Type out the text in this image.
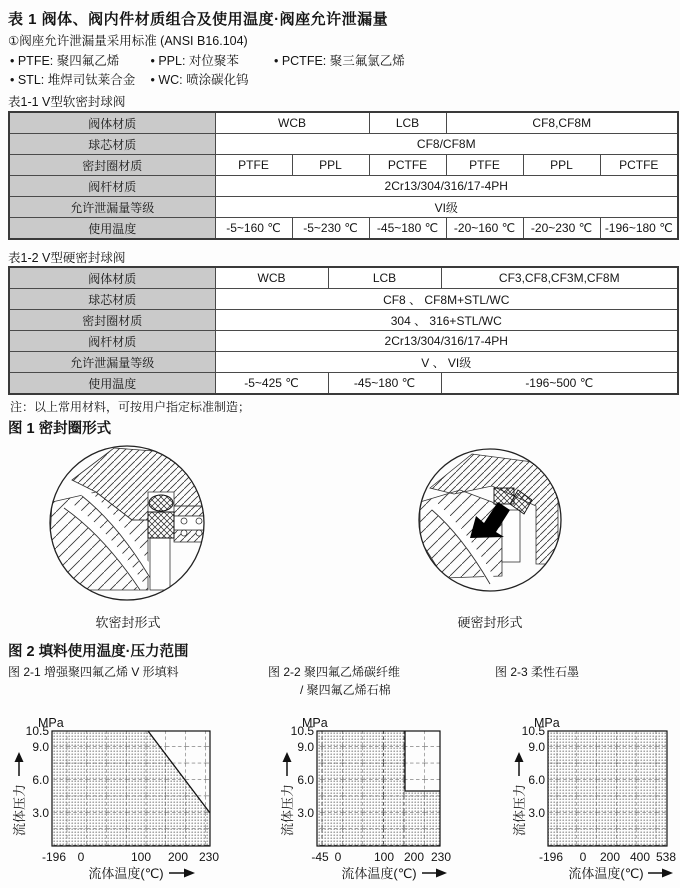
表 1 阀体、阀内件材质组合及使用温度·阀座允许泄漏量
①阀座允许泄漏量采用标准 (ANSI B16.104)
• PTFE: 聚四氟乙烯 • PPL: 对位聚苯	• PCTFE: 聚三氟氯乙烯
• STL: 堆焊司钛莱合金 • WC: 喷涂碳化钨
表1-1 V型软密封球阀
阀体材质	WCB		LCB	CF8,CF8M		
球芯材质	CF8/CF8M					
密封圈材质	PTFE	PPL	PCTFE	PTFE	PPL	PCTFE
阀杆材质	2Cr13/304/316/17-4PH					
允许泄漏量等级	VI级					
使用温度	-5~160 ℃	-5~230 ℃	-45~180 ℃	-20~160 ℃	-20~230 ℃	-196~180 ℃
表1-2 V型硬密封球阀
阀体材质	WCB	LCB	CF3,CF8,CF3M,CF8M
球芯材质	CF8 、 CF8M+STL/WC		
密封圈材质	304 、 316+STL/WC		
阀杆材质	2Cr13/304/316/17-4PH		
允许泄漏量等级	V 、 VI级		
使用温度	-5~425 ℃	-45~180 ℃	-196~500 ℃
注：以上常用材料，可按用户指定标准制造；
图 1 密封圈形式
软密封形式	硬密封形式
图 2 填料使用温度·压力范围
图 2-1 增强聚四氟乙烯 V 形填料	图 2-2 聚四氟乙烯碳纤维
/ 聚四氟乙烯石棉
图 2-3 柔性石墨
MPa
10.5
9.0
6.0
3.0
-196 0	100 200 230
流体温度(℃)
流体压力
MPa
10.5
9.0
6.0
3.0
-45 0	100 200 230
流体温度(℃)
流体压力
MPa
10.5
9.0
6.0
3.0
-196 0 200 400 538
流体温度(℃)
流体压力
